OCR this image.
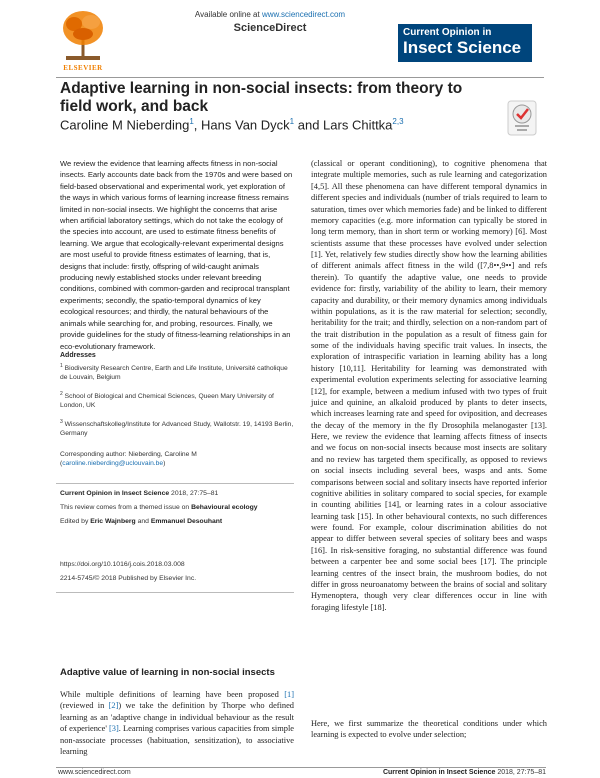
ELSEVIER
Available online at www.sciencedirect.com
ScienceDirect	Current Opinion in
Insect Science
Adaptive learning in non-social insects: from theory to field work, and back
Caroline M Nieberding$^1$, Hans Van Dyck$^1$ and Lars Chittka$^{2,3}$
We review the evidence that learning affects fitness in non-social insects. Early accounts date back from the 1970s and were based on field-based observational and experimental work, yet exploration of the ways in which various forms of learning increase fitness remains limited in non-social insects. We highlight the concerns that arise when artificial laboratory settings, which do not take the ecology of the species into account, are used to estimate fitness benefits of learning. We argue that ecologically-relevant experimental designs are most useful to provide fitness estimates of learning, that is, designs that include: firstly, offspring of wild-caught animals producing newly established stocks under relevant breeding conditions, combined with common-garden and reciprocal transplant experiments; secondly, the spatio-temporal dynamics of key ecological resources; and thirdly, the natural behaviours of the animals while searching for, and probing, resources. Finally, we provide guidelines for the study of fitness-learning relationships in an eco-evolutionary framework.
Addresses
$^1$ Biodiversity Research Centre, Earth and Life Institute, Université catholique de Louvain, Belgium
$^2$ School of Biological and Chemical Sciences, Queen Mary University of London, UK
$^3$ Wissenschaftskolleg/Institute for Advanced Study, Wallotstr. 19, 14193 Berlin, Germany
Corresponding author: Nieberding, Caroline M (caroline.nieberding@uclouvain.be)
Current Opinion in Insect Science 2018, 27:75–81
This review comes from a themed issue on Behavioural ecology
Edited by Eric Wajnberg and Emmanuel Desouhant
https://doi.org/10.1016/j.cois.2018.03.008
2214-5745/© 2018 Published by Elsevier Inc.
Adaptive value of learning in non-social insects
While multiple definitions of learning have been proposed [1] (reviewed in [2]) we take the definition by Thorpe who defined learning as an 'adaptive change in individual behaviour as the result of experience' [3]. Learning comprises various capacities from simple non-associate processes (habituation, sensitization), to associative learning
(classical or operant conditioning), to cognitive phenomena that integrate multiple memories, such as rule learning and categorization [4,5]. All these phenomena can have different temporal dynamics in different species and individuals (number of trials required to learn to saturation, times over which memories fade) and be linked to different memory capacities (e.g. more information can typically be stored in long term memory, than in short term or working memory) [6]. Most scientists assume that these processes have evolved under selection [1]. Yet, relatively few studies directly show how the learning abilities of different animals affect fitness in the wild ([7,8••,9••] and refs therein). To quantify the adaptive value, one needs to provide evidence for: firstly, variability of the ability to learn, their memory capacity and durability, or their memory dynamics among individuals within populations, as it is the raw material for selection; secondly, heritability for the trait; and thirdly, selection on a non-random part of the trait distribution in the population as a result of fitness gain for some of the individuals having specific trait values. In insects, the exploration of intraspecific variation in learning ability has a long history [10,11]. Heritability for learning was demonstrated with experimental evolution experiments selecting for associative learning [12], for example, between a medium infused with two types of fruit juice and quinine, an alkaloid produced by plants to deter insects, which increases learning rate and speed for oviposition, and decreases the decay of the memory in the fly Drosophila melanogaster [13]. Here, we review the evidence that learning affects fitness of insects and we focus on non-social insects because most insects are solitary and no review has targeted them specifically, as opposed to reviews on social insects including several bees, wasps and ants. Some comparisons between social and solitary insects have reported inferior cognitive abilities in solitary compared to social species, for example in counting abilities [14], or learning rates in a colour associative learning task [15]. In other behavioural contexts, no such differences were found. For example, colour discrimination abilities do not appear to differ between several species of solitary bees and wasps [16]. In risk-sensitive foraging, no substantial difference was found between a carpenter bee and some social bees [17]. The principle learning centres of the insect brain, the mushroom bodies, do not differ in gross neuroanatomy between the brains of social and solitary Hymenoptera, though very clear differences occur in line with foraging lifestyle [18].
Here, we first summarize the theoretical conditions under which learning is expected to evolve under selection;
www.sciencedirect.com	Current Opinion in Insect Science 2018, 27:75–81
